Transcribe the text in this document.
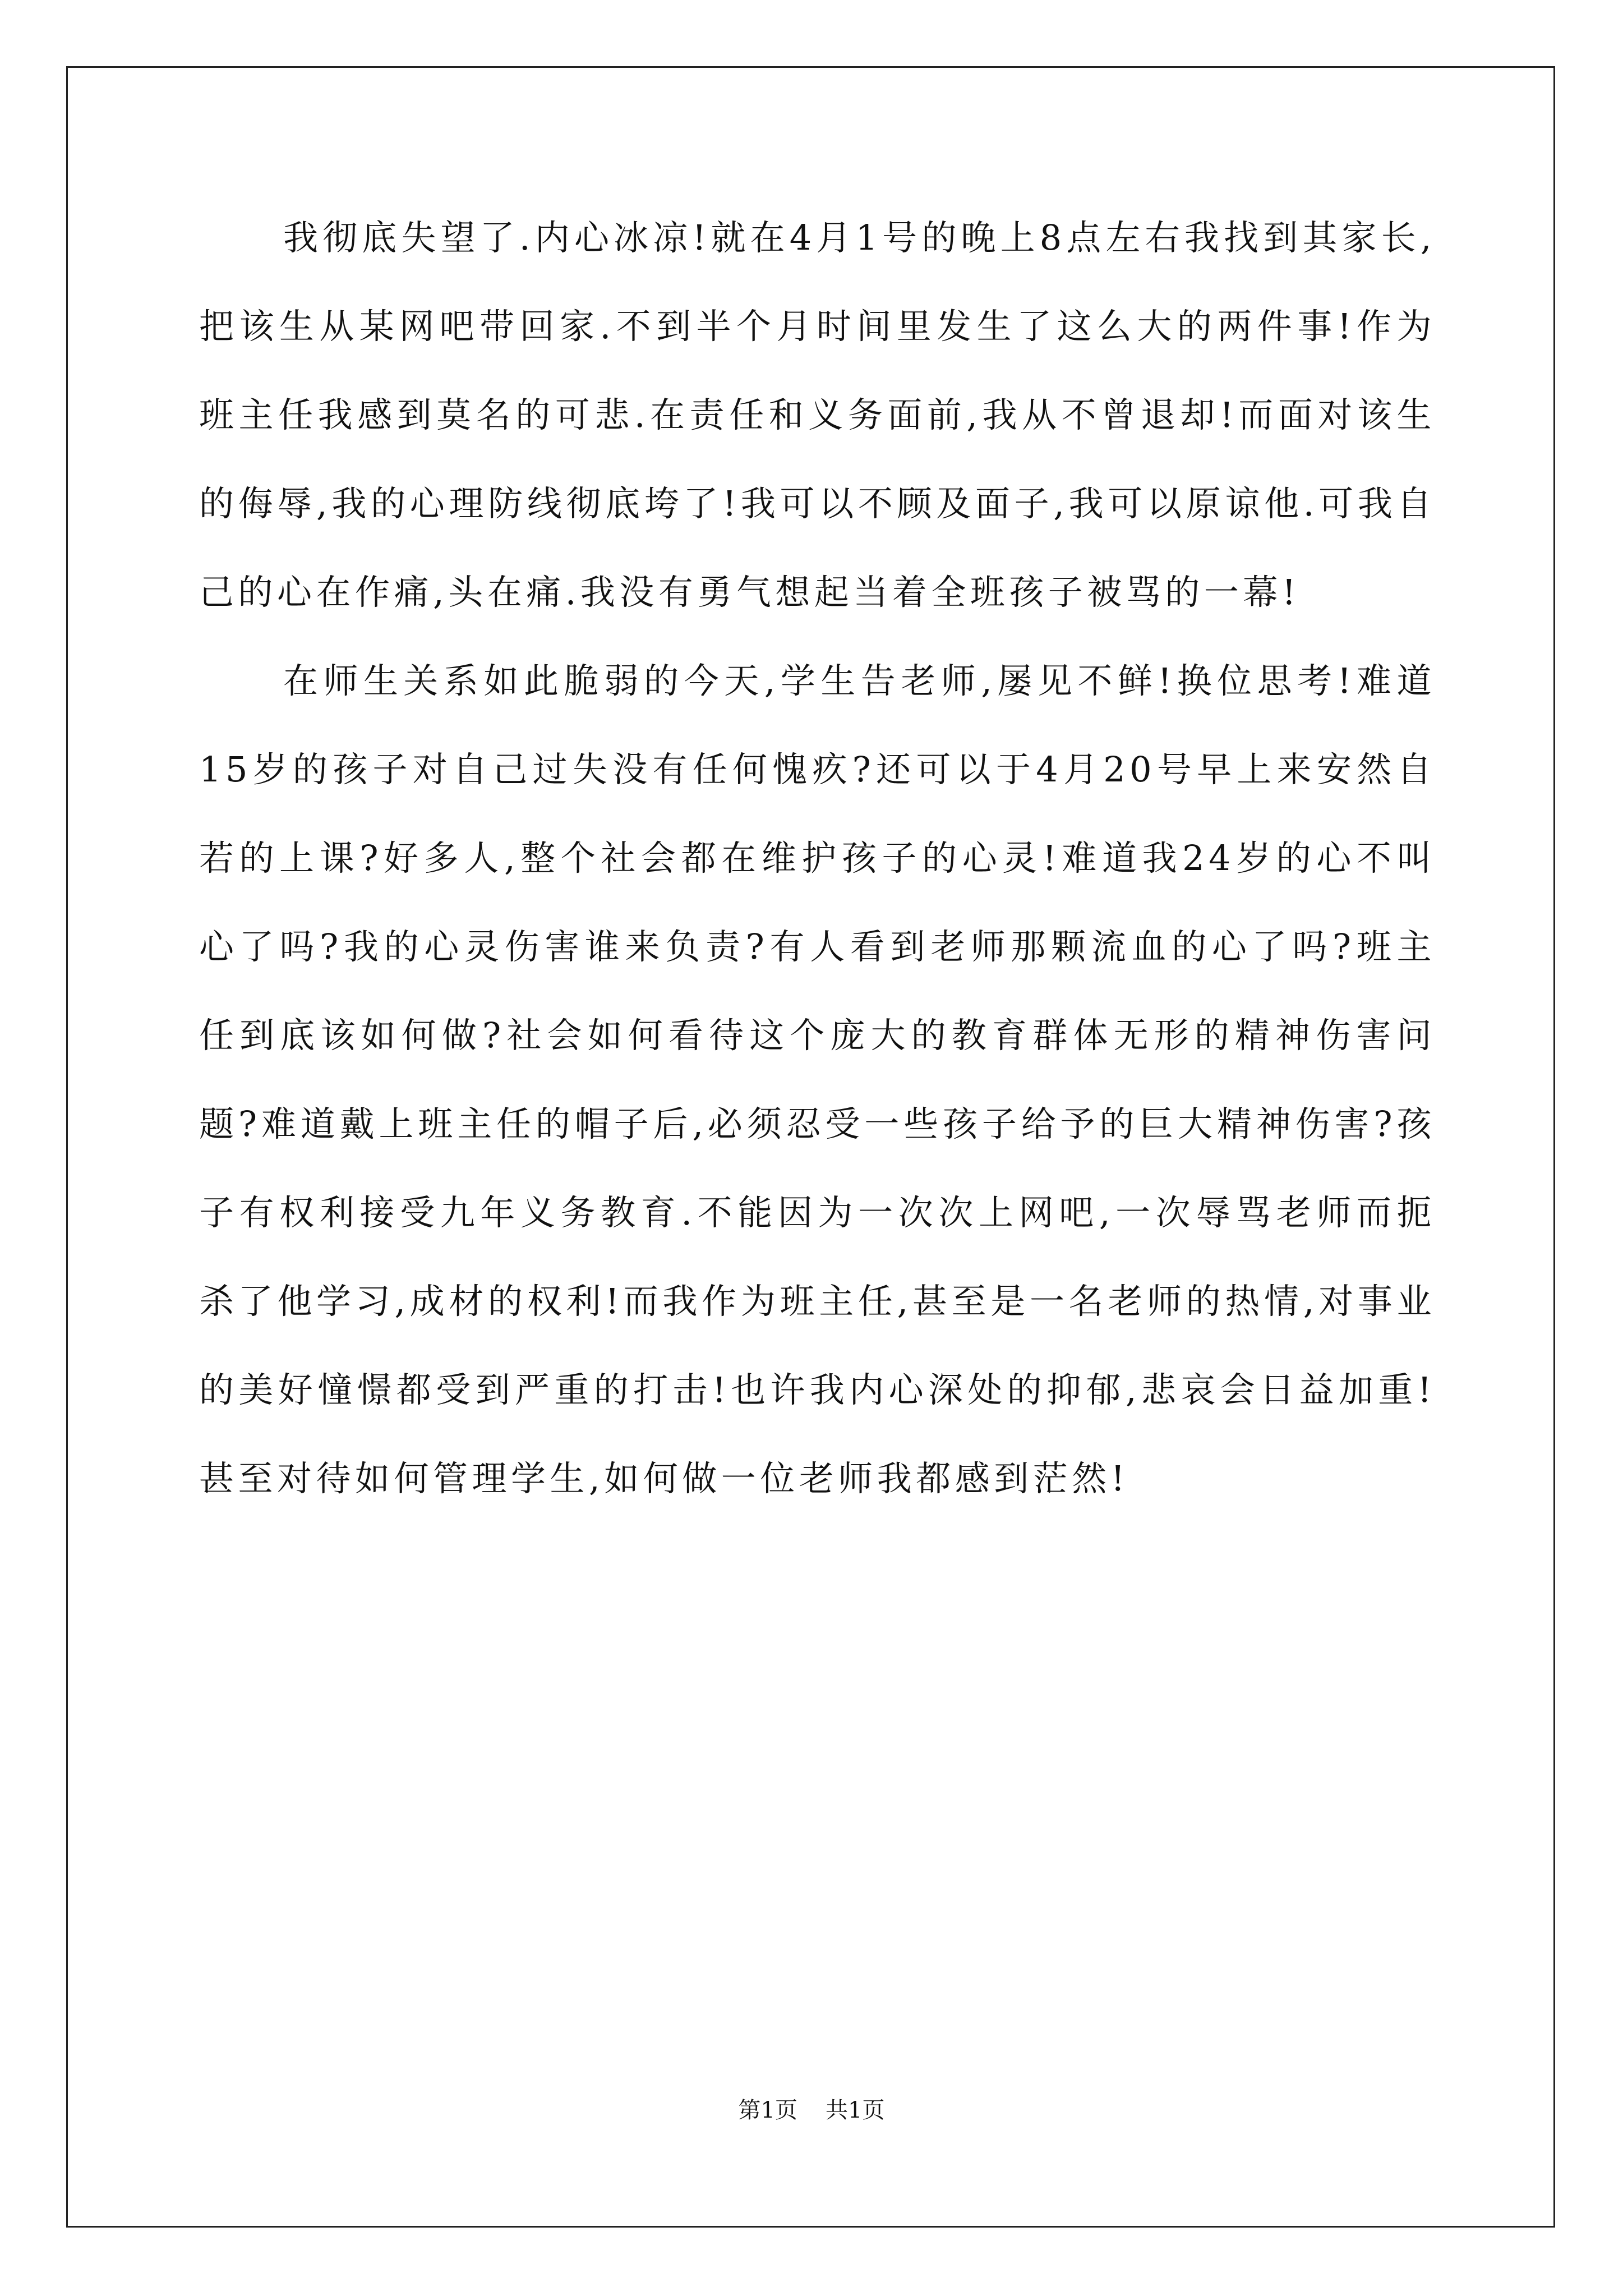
我彻底失望了.内心冰凉!就在4月1号的晚上8点左右我找到其家长,把该生从某网吧带回家.不到半个月时间里发生了这么大的两件事!作为班主任我感到莫名的可悲.在责任和义务面前,我从不曾退却!而面对该生的侮辱,我的心理防线彻底垮了!我可以不顾及面子,我可以原谅他.可我自己的心在作痛,头在痛.我没有勇气想起当着全班孩子被骂的一幕!

在师生关系如此脆弱的今天,学生告老师,屡见不鲜!换位思考!难道15岁的孩子对自己过失没有任何愧疚?还可以于4月20号早上来安然自若的上课?好多人,整个社会都在维护孩子的心灵!难道我24岁的心不叫心了吗?我的心灵伤害谁来负责?有人看到老师那颗流血的心了吗?班主任到底该如何做?社会如何看待这个庞大的教育群体无形的精神伤害问题?难道戴上班主任的帽子后,必须忍受一些孩子给予的巨大精神伤害?孩子有权利接受九年义务教育.不能因为一次次上网吧,一次辱骂老师而扼杀了他学习,成材的权利!而我作为班主任,甚至是一名老师的热情,对事业的美好憧憬都受到严重的打击!也许我内心深处的抑郁,悲哀会日益加重!甚至对待如何管理学生,如何做一位老师我都感到茫然!

第1页 共1页
